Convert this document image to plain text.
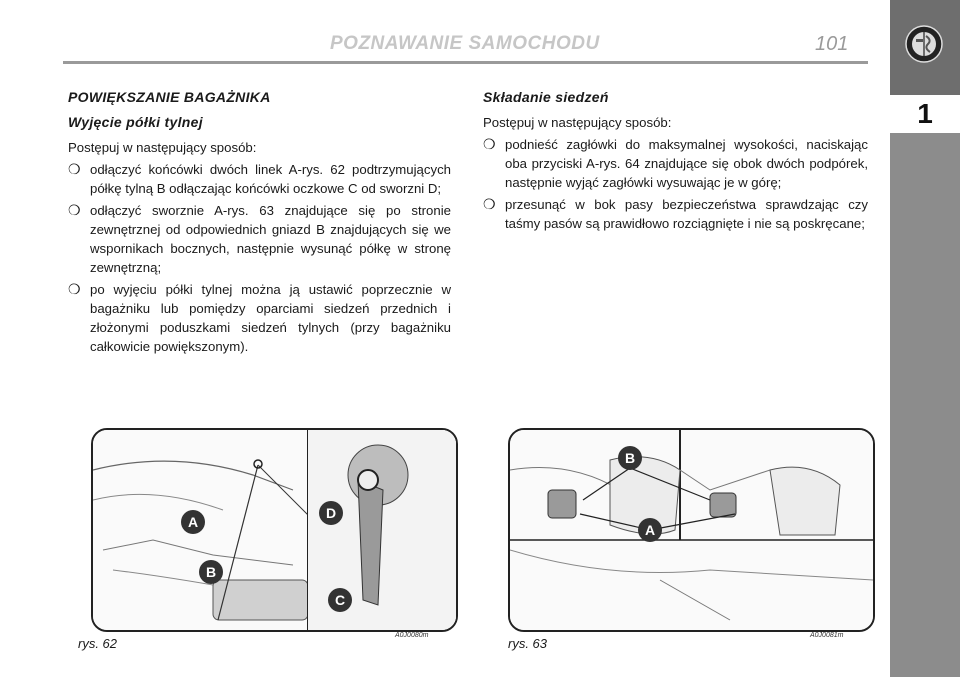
1
POZNAWANIE SAMOCHODU	101
POWIĘKSZANIE BAGAŻNIKA
Wyjęcie półki tylnej

Postępuj w następujący sposób:

❍ odłączyć końcówki dwóch linek A-rys. 62 podtrzymujących półkę tylną B odłączając końcówki oczkowe C od sworzni D;
❍ odłączyć sworznie A-rys. 63 znajdujące się po stronie zewnętrznej od odpowiednich gniazd B znajdujących się we wspornikach bocznych, następnie wysunąć półkę w stronę zewnętrzną;
❍ po wyjęciu półki tylnej można ją ustawić poprzecznie w bagażniku lub pomiędzy oparciami siedzeń przednich i złożonymi poduszkami siedzeń tylnych (przy bagażniku całkowicie powiększonym).
Składanie siedzeń

Postępuj w następujący sposób:

❍ podnieść zagłówki do maksymalnej wysokości, naciskając oba przyciski A-rys. 64 znajdujące się obok dwóch podpórek, następnie wyjąć zagłówki wysuwając je w górę;
❍ przesunąć w bok pasy bezpieczeństwa sprawdzając czy taśmy pasów są prawidłowo rozciągnięte i nie są poskręcane;
A
B
D
C
rys. 62
A0J0080m
B
A
rys. 63
A0J0081m
